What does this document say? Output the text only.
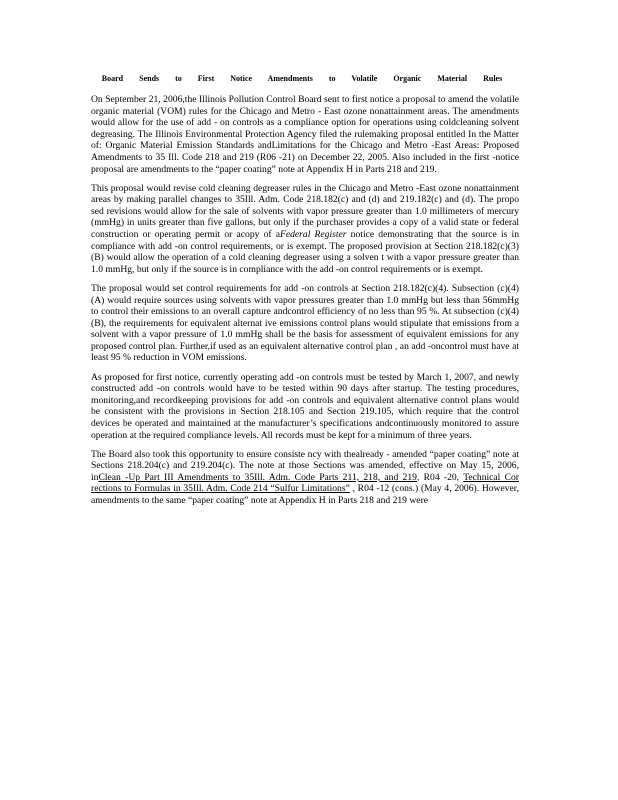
Board Sends to First Notice Amendments to Volatile Organic Material Rules

On September 21, 2006,the Illinois Pollution Control Board sent to first notice a proposal to amend the volatile organic material (VOM) rules for the Chicago and Metro - East ozone nonattainment areas. The amendments would allow for the use of add - on controls as a compliance option for operations using coldcleaning solvent degreasing. The Illinois Environmental Protection Agency filed the rulemaking proposal entitled In the Matter of: Organic Material Emission Standards andLimitations for the Chicago and Metro -East Areas: Proposed Amendments to 35 Ill. Code 218 and 219 (R06 -21) on December 22, 2005. Also included in the first -notice proposal are amendments to the “paper coating” note at Appendix H in Parts 218 and 219.

This proposal would revise cold cleaning degreaser rules in the Chicago and Metro -East ozone nonattainment areas by making parallel changes to 35Ill. Adm. Code 218.182(c) and (d) and 219.182(c) and (d). The propo sed revisions would allow for the sale of solvents with vapor pressure greater than 1.0 millimeters of mercury (mmHg) in units greater than five gallons, but only if the purchaser provides a copy of a valid state or federal construction or operating permit or acopy of aFederal Register notice demonstrating that the source is in compliance with add -on control requirements, or is exempt. The proposed provision at Section 218.182(c)(3)(B) would allow the operation of a cold cleaning degreaser using a solven t with a vapor pressure greater than 1.0 mmHg, but only if the source is in compliance with the add -on control requirements or is exempt.

The proposal would set control requirements for add -on controls at Section 218.182(c)(4). Subsection (c)(4) (A) would require sources using solvents with vapor pressures greater than 1.0 mmHg but less than 56mmHg to control their emissions to an overall capture andcontrol efficiency of no less than 95 %. At subsection (c)(4)(B), the requirements for equivalent alternat ive emissions control plans would stipulate that emissions from a solvent with a vapor pressure of 1.0 mmHg shall be the basis for assessment of equivalent emissions for any proposed control plan. Further,if used as an equivalent alternative control plan , an add -oncontrol must have at least 95 % reduction in VOM emissions.

As proposed for first notice, currently operating add -on controls must be tested by March 1, 2007, and newly constructed add -on controls would have to be tested within 90 days after startup. The testing procedures, monitoring,and recordkeeping provisions for add -on controls and equivalent alternative control plans would be consistent with the provisions in Section 218.105 and Section 219.105, which require that the control devices be operated and maintained at the manufacturer’s specifications andcontinuously monitored to assure operation at the required compliance levels. All records must be kept for a minimum of three years.

The Board also took this opportunity to ensure consiste ncy with thealready - amended “paper coating” note at Sections 218.204(c) and 219.204(c). The note at those Sections was amended, effective on May 15, 2006, inClean -Up Part III Amendments to 35Ill. Adm. Code Parts 211, 218, and 219, R04 -20, Technical Cor rections to Formulas in 35Ill. Adm. Code 214 “Sulfur Limitations” , R04 -12 (cons.) (May 4, 2006). However, amendments to the same “paper coating” note at Appendix H in Parts 218 and 219 were
